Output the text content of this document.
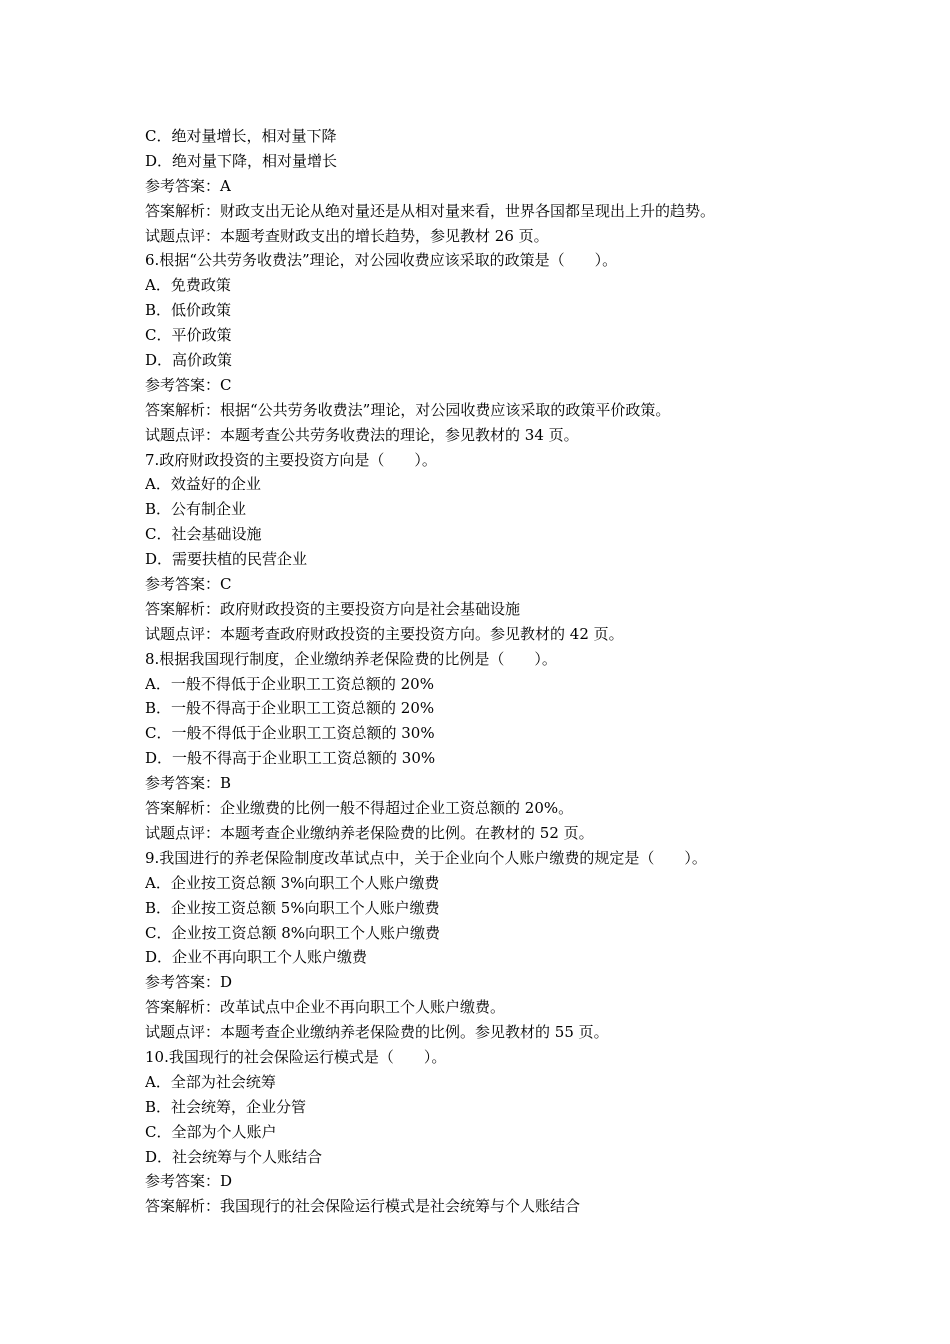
C．绝对量增长，相对量下降
D．绝对量下降，相对量增长
参考答案：A
答案解析：财政支出无论从绝对量还是从相对量来看，世界各国都呈现出上升的趋势。
试题点评：本题考查财政支出的增长趋势，参见教材 26 页。
6.根据“公共劳务收费法”理论，对公园收费应该采取的政策是（　　）。
A．免费政策
B．低价政策
C．平价政策
D．高价政策
参考答案：C
答案解析：根据“公共劳务收费法”理论，对公园收费应该采取的政策平价政策。
试题点评：本题考查公共劳务收费法的理论，参见教材的 34 页。
7.政府财政投资的主要投资方向是（　　）。
A．效益好的企业
B．公有制企业
C．社会基础设施
D．需要扶植的民营企业
参考答案：C
答案解析：政府财政投资的主要投资方向是社会基础设施
试题点评：本题考查政府财政投资的主要投资方向。参见教材的 42 页。
8.根据我国现行制度，企业缴纳养老保险费的比例是（　　）。
A．一般不得低于企业职工工资总额的 20%
B．一般不得高于企业职工工资总额的 20%
C．一般不得低于企业职工工资总额的 30%
D．一般不得高于企业职工工资总额的 30%
参考答案：B
答案解析：企业缴费的比例一般不得超过企业工资总额的 20%。
试题点评：本题考查企业缴纳养老保险费的比例。在教材的 52 页。
9.我国进行的养老保险制度改革试点中，关于企业向个人账户缴费的规定是（　　）。
A．企业按工资总额 3%向职工个人账户缴费
B．企业按工资总额 5%向职工个人账户缴费
C．企业按工资总额 8%向职工个人账户缴费
D．企业不再向职工个人账户缴费
参考答案：D
答案解析：改革试点中企业不再向职工个人账户缴费。
试题点评：本题考查企业缴纳养老保险费的比例。参见教材的 55 页。
10.我国现行的社会保险运行模式是（　　）。
A．全部为社会统筹
B．社会统筹，企业分管
C．全部为个人账户
D．社会统筹与个人账结合
参考答案：D
答案解析：我国现行的社会保险运行模式是社会统筹与个人账结合
